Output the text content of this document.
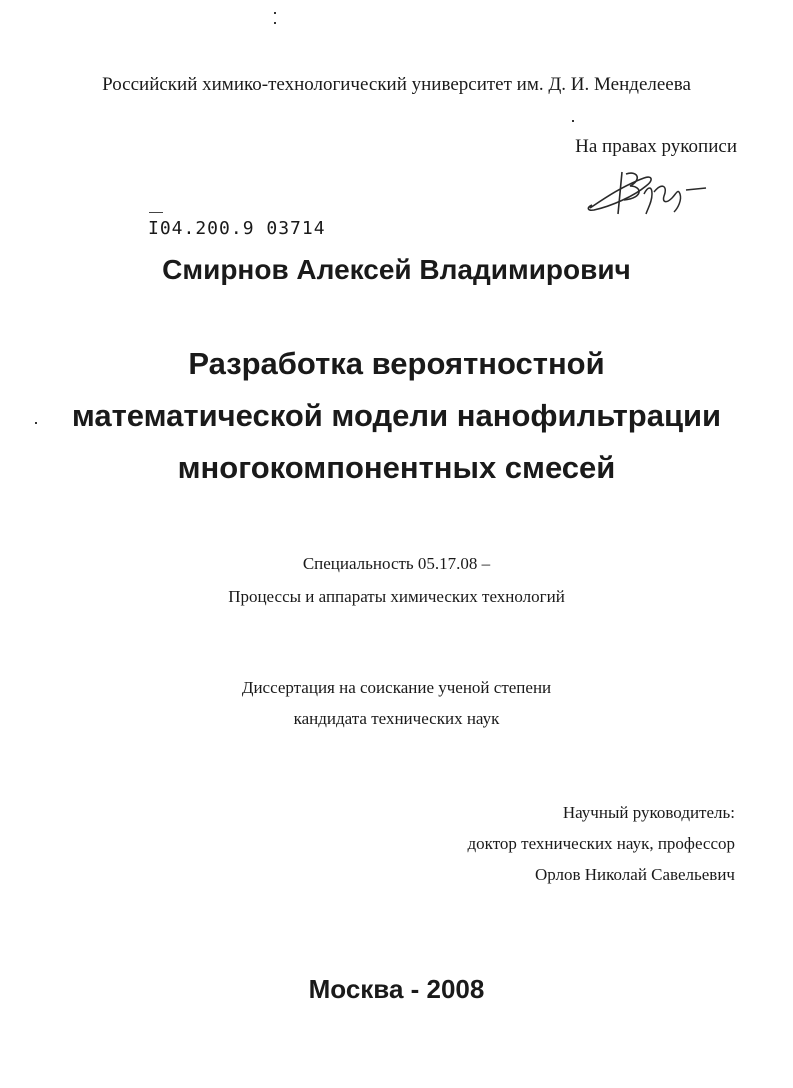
Российский химико-технологический университет им. Д. И. Менделеева
На правах рукописи
I04.200.9 03714
Смирнов Алексей Владимирович
Разработка вероятностной
математической модели нанофильтрации
многокомпонентных смесей
Специальность 05.17.08 –
Процессы и аппараты химических технологий
Диссертация на соискание ученой степени
кандидата технических наук
Научный руководитель:
доктор технических наук, профессор
Орлов Николай Савельевич
Москва - 2008
